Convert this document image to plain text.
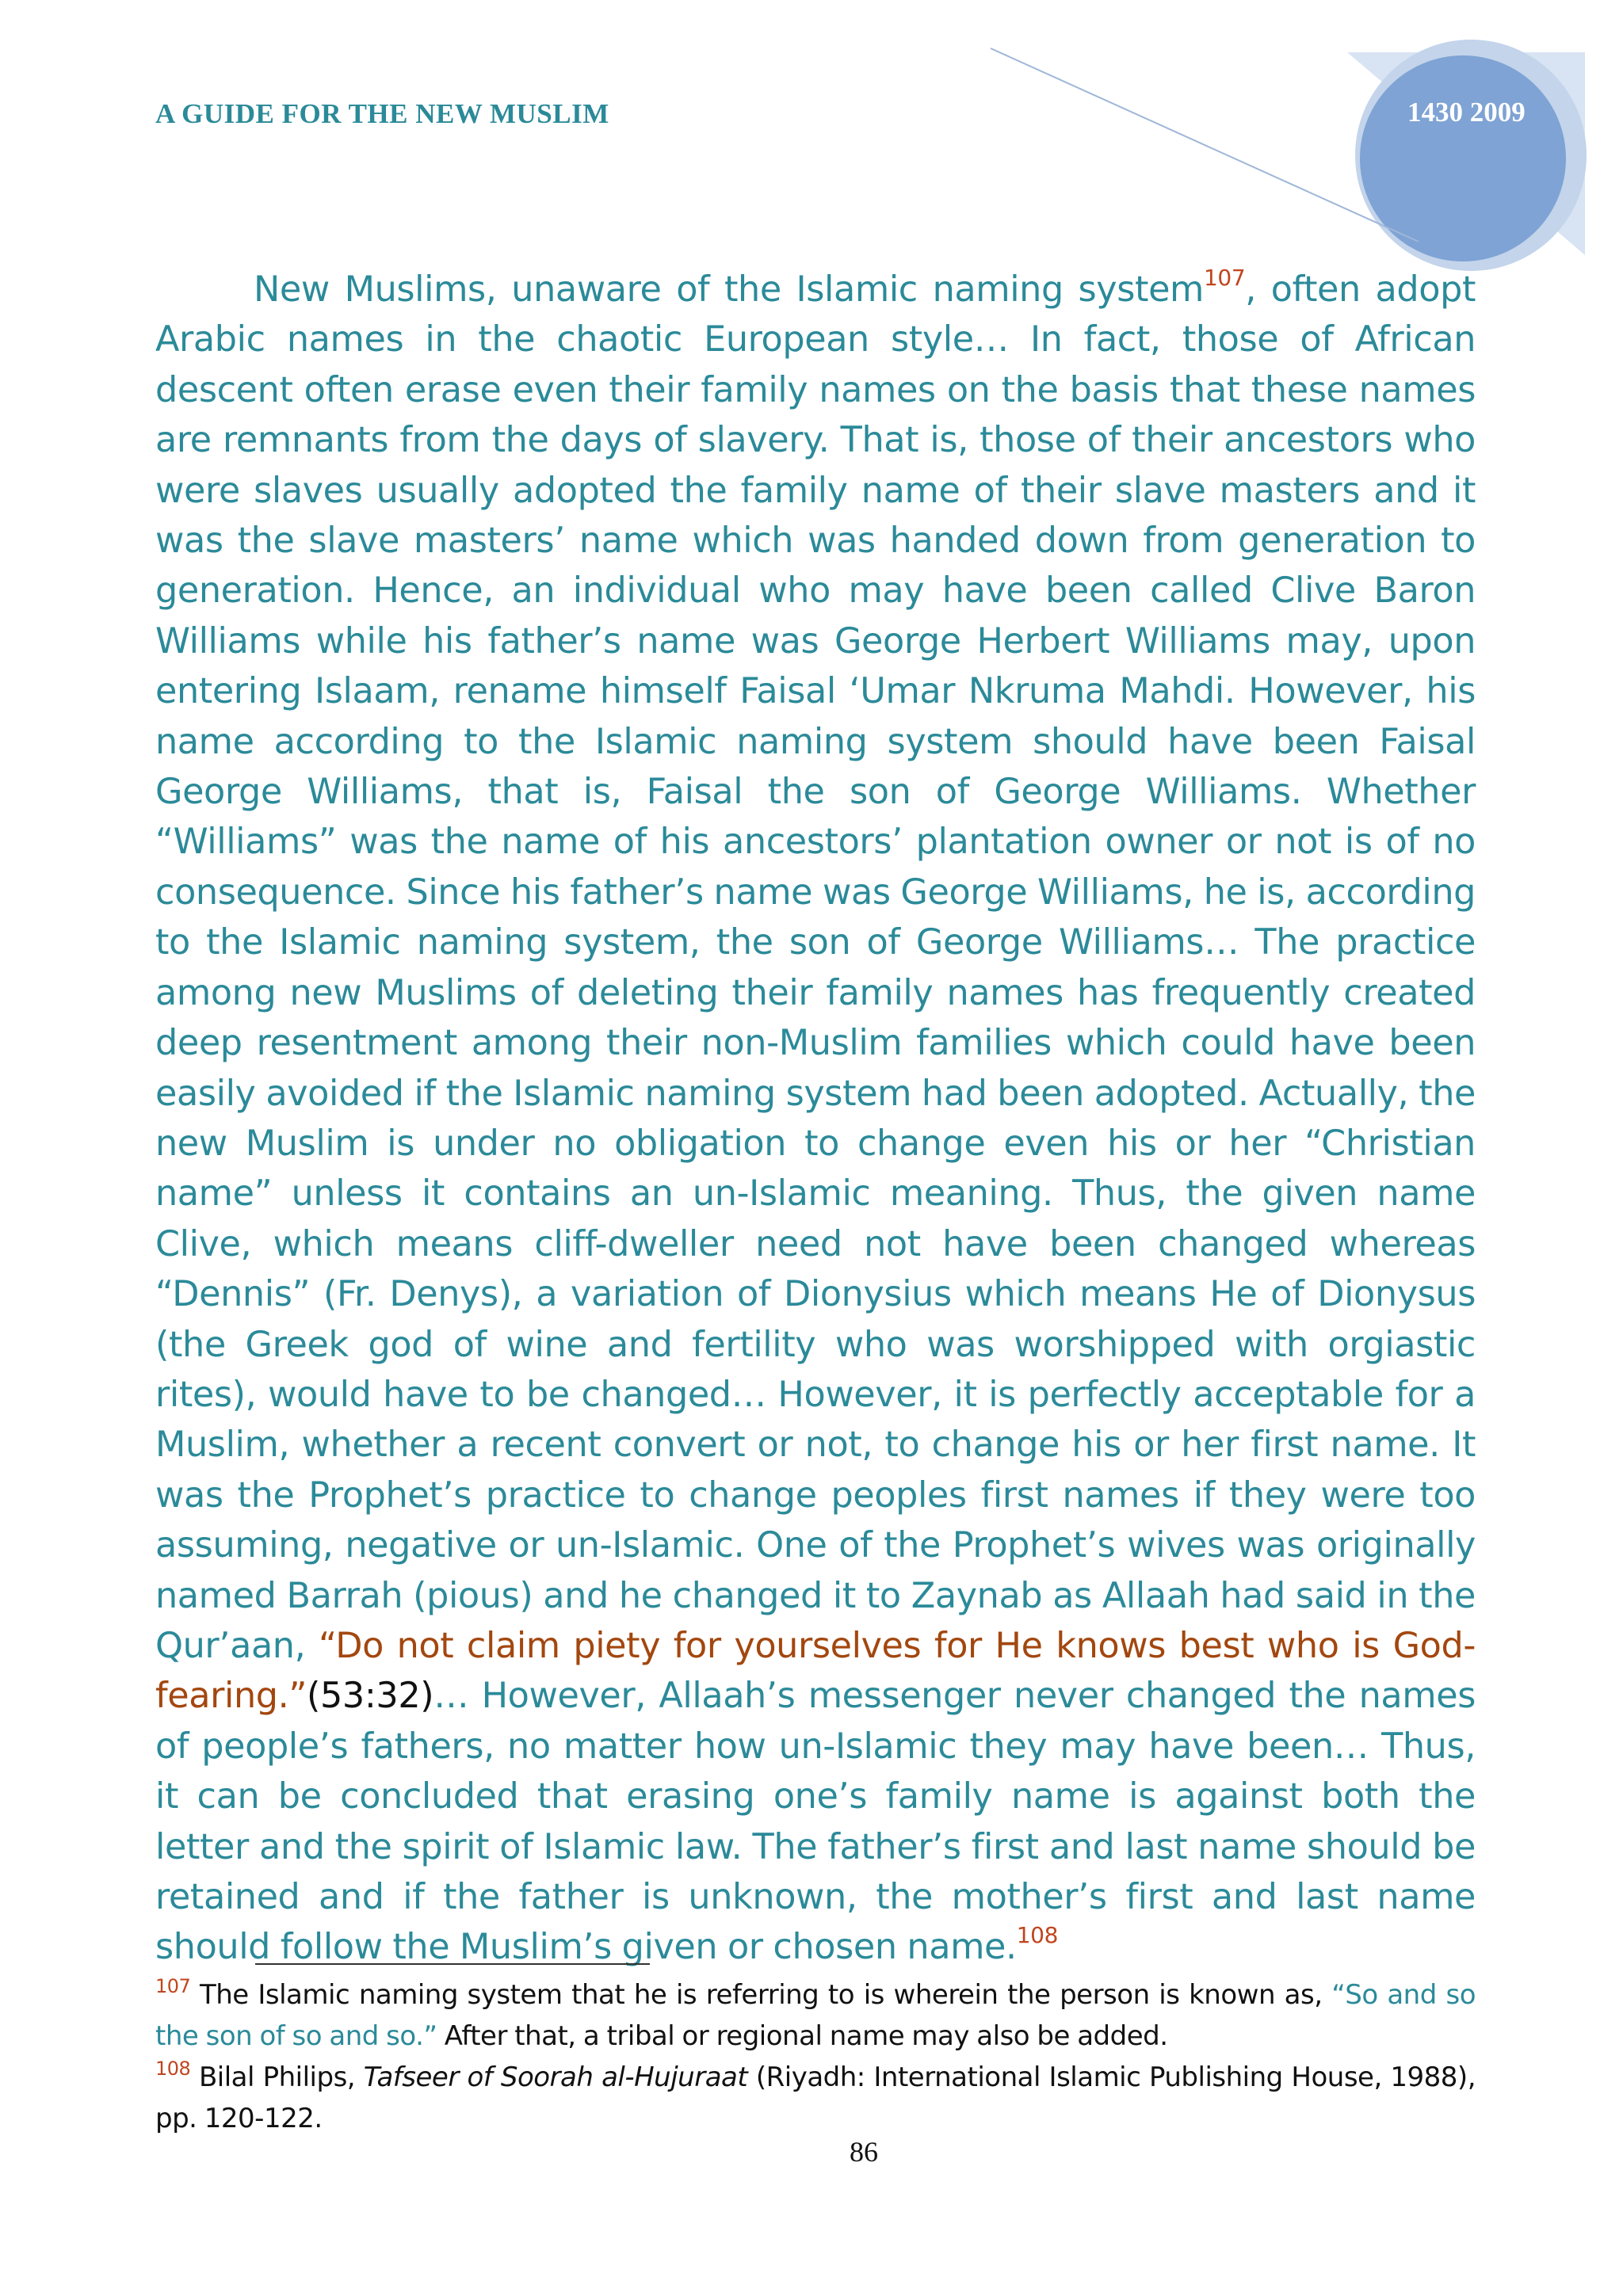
A GUIDE FOR THE NEW MUSLIM	1430 2009

New Muslims, unaware of the Islamic naming system$^{107}$, often adopt Arabic names in the chaotic European style… In fact, those of African descent often erase even their family names on the basis that these names are remnants from the days of slavery. That is, those of their ancestors who were slaves usually adopted the family name of their slave masters and it was the slave masters’ name which was handed down from generation to generation. Hence, an individual who may have been called Clive Baron Williams while his father’s name was George Herbert Williams may, upon entering Islaam, rename himself Faisal ‘Umar Nkruma Mahdi. However, his name according to the Islamic naming system should have been Faisal George Williams, that is, Faisal the son of George Williams. Whether “Williams” was the name of his ancestors’ plantation owner or not is of no consequence. Since his father’s name was George Williams, he is, according to the Islamic naming system, the son of George Williams… The practice among new Muslims of deleting their family names has frequently created deep resentment among their non-Muslim families which could have been easily avoided if the Islamic naming system had been adopted. Actually, the new Muslim is under no obligation to change even his or her “Christian name” unless it contains an un-Islamic meaning. Thus, the given name Clive, which means cliff-dweller need not have been changed whereas “Dennis” (Fr. Denys), a variation of Dionysius which means He of Dionysus (the Greek god of wine and fertility who was worshipped with orgiastic rites), would have to be changed… However, it is perfectly acceptable for a Muslim, whether a recent convert or not, to change his or her first name. It was the Prophet’s practice to change peoples first names if they were too assuming, negative or un-Islamic. One of the Prophet’s wives was originally named Barrah (pious) and he changed it to Zaynab as Allaah had said in the Qur’aan, “Do not claim piety for yourselves for He knows best who is God-fearing.”(53:32)… However, Allaah’s messenger never changed the names of people’s fathers, no matter how un-Islamic they may have been… Thus, it can be concluded that erasing one’s family name is against both the letter and the spirit of Islamic law. The father’s first and last name should be retained and if the father is unknown, the mother’s first and last name should follow the Muslim’s given or chosen name.$^{108}$

$^{107}$ The Islamic naming system that he is referring to is wherein the person is known as, “So and so the son of so and so.” After that, a tribal or regional name may also be added.

$^{108}$ Bilal Philips, Tafseer of Soorah al-Hujuraat (Riyadh: International Islamic Publishing House, 1988), pp. 120-122.

86
